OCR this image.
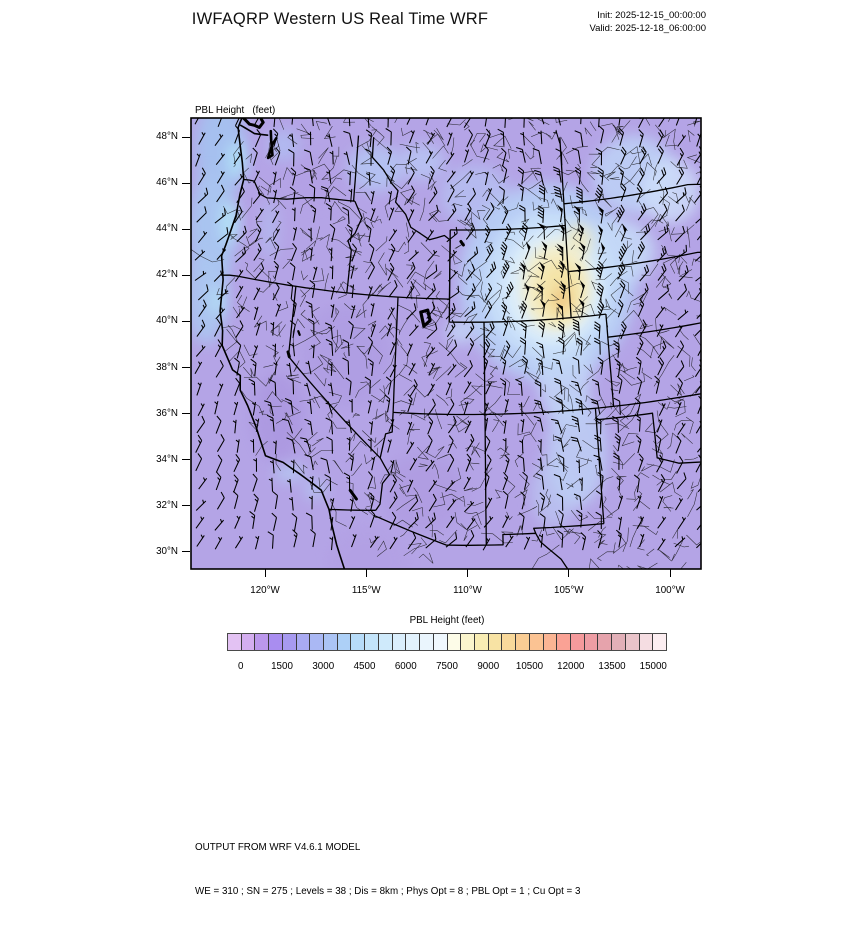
IWFAQRP Western US Real Time WRF	Init: 2025-12-15_00:00:00
Valid: 2025-12-18_06:00:00

PBL Height   (feet)

48°N
46°N
44°N
42°N
40°N
38°N
36°N
34°N
32°N
30°N
120°W	115°W	110°W	105°W	100°W
PBL Height (feet)
0	1500 3000 4500 6000 7500 9000 10500 12000 13500 15000

OUTPUT FROM WRF V4.6.1 MODEL

WE = 310 ; SN = 275 ; Levels = 38 ; Dis = 8km ; Phys Opt = 8 ; PBL Opt = 1 ; Cu Opt = 3
